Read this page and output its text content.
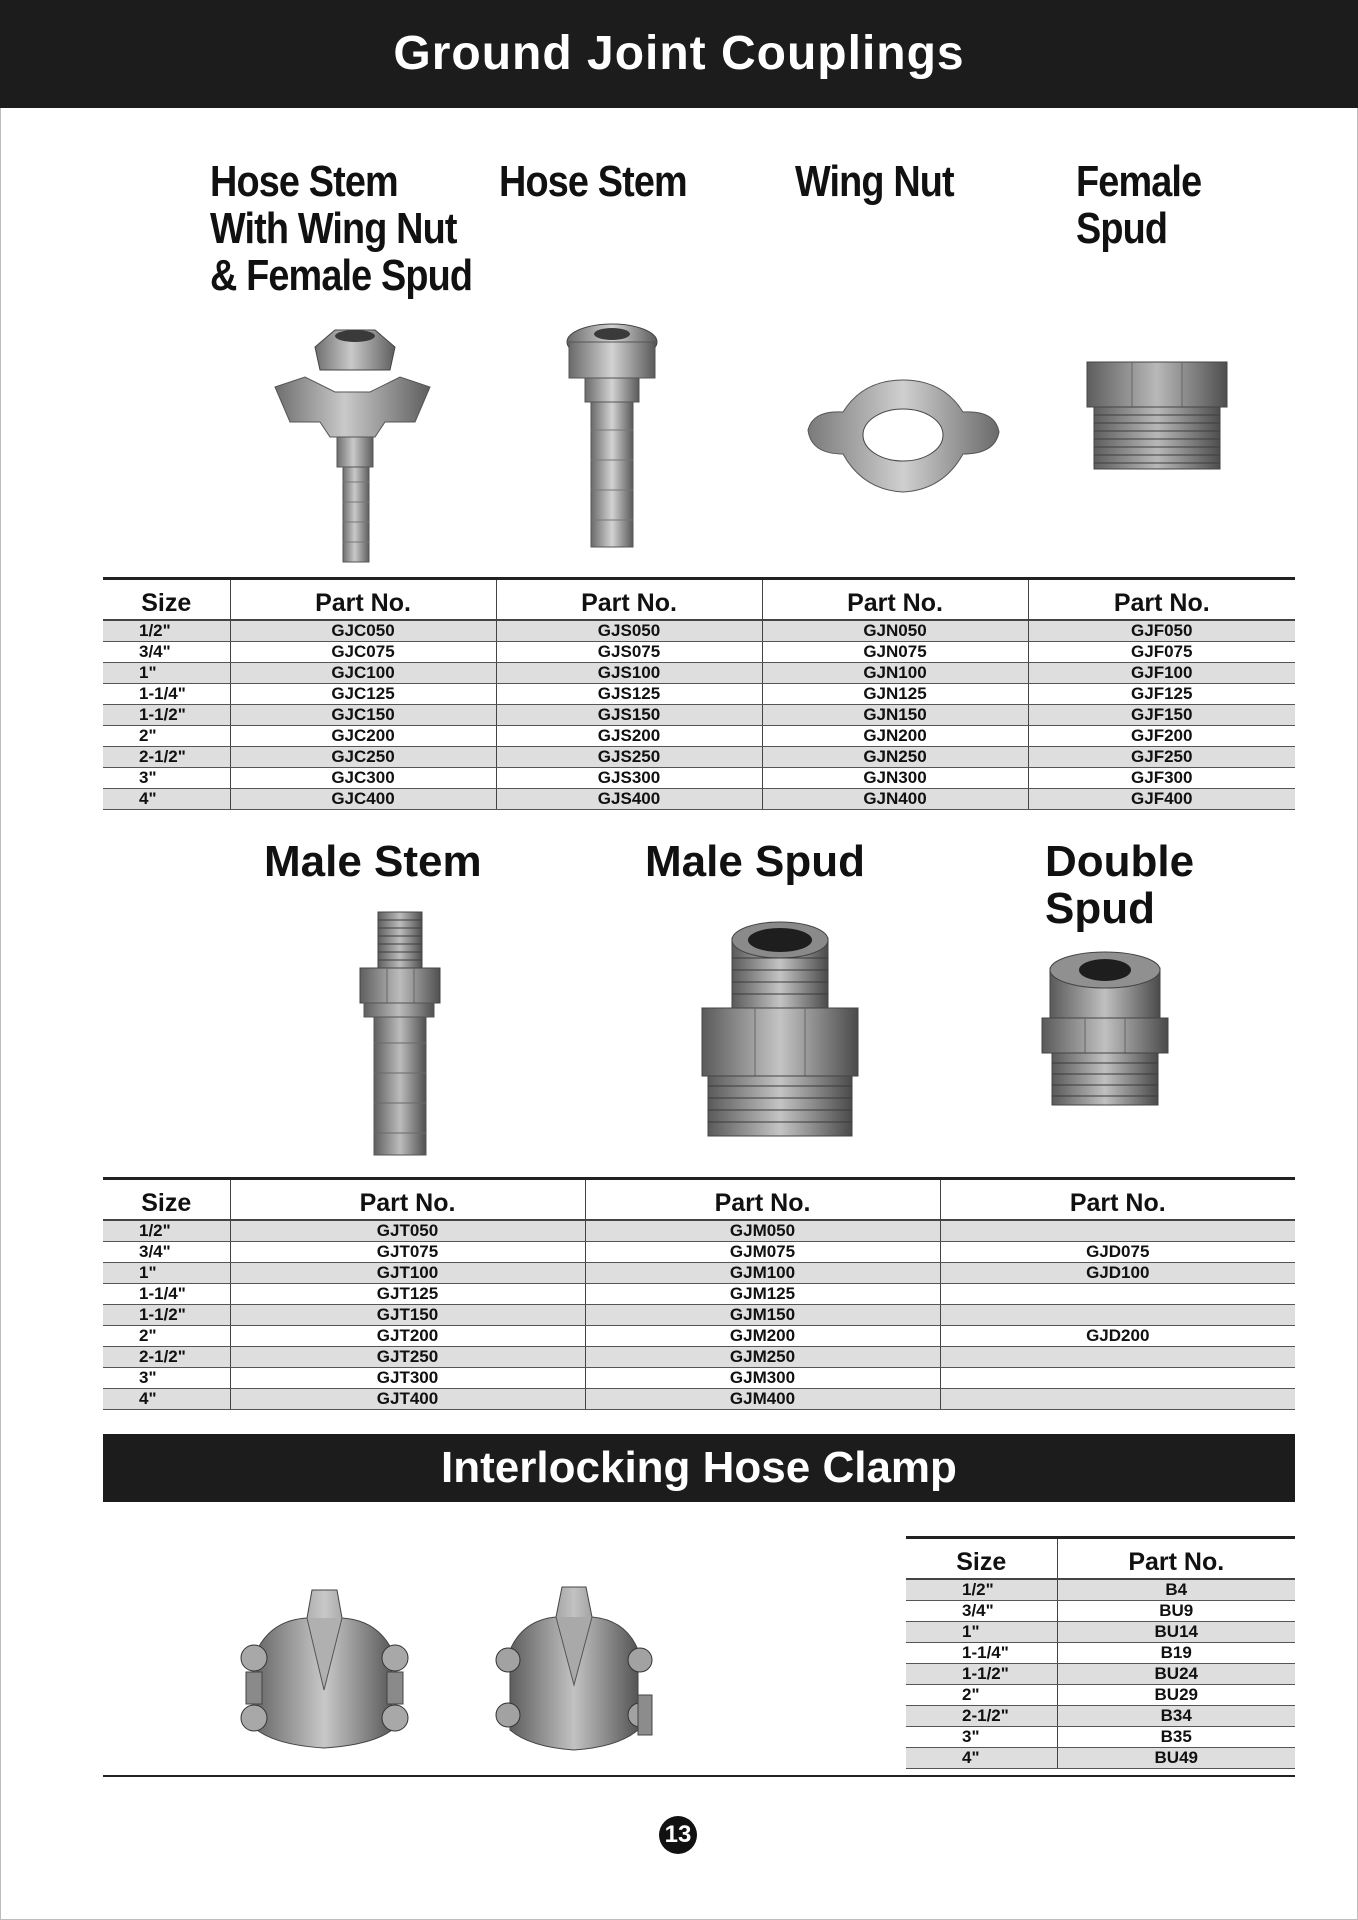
Ground Joint Couplings
Hose Stem
With Wing Nut
& Female Spud
Hose Stem Wing Nut	Female
Spud
Size	Part No.	Part No.	Part No.	Part No.
1/2"	GJC050	GJS050	GJN050	GJF050
3/4"	GJC075	GJS075	GJN075	GJF075
1"	GJC100	GJS100	GJN100	GJF100
1-1/4"	GJC125	GJS125	GJN125	GJF125
1-1/2"	GJC150	GJS150	GJN150	GJF150
2"	GJC200	GJS200	GJN200	GJF200
2-1/2"	GJC250	GJS250	GJN250	GJF250
3"	GJC300	GJS300	GJN300	GJF300
4"	GJC400	GJS400	GJN400	GJF400
Male Stem	Male Spud	Double
Spud
Size	Part No.	Part No.	Part No.
1/2"	GJT050	GJM050	
3/4"	GJT075	GJM075	GJD075
1"	GJT100	GJM100	GJD100
1-1/4"	GJT125	GJM125	
1-1/2"	GJT150	GJM150	
2"	GJT200	GJM200	GJD200
2-1/2"	GJT250	GJM250	
3"	GJT300	GJM300	
4"	GJT400	GJM400	
Interlocking Hose Clamp
Size	Part No.
1/2"	B4
3/4"	BU9
1"	BU14
1-1/4"	B19
1-1/2"	BU24
2"	BU29
2-1/2"	B34
3"	B35
4"	BU49
13
